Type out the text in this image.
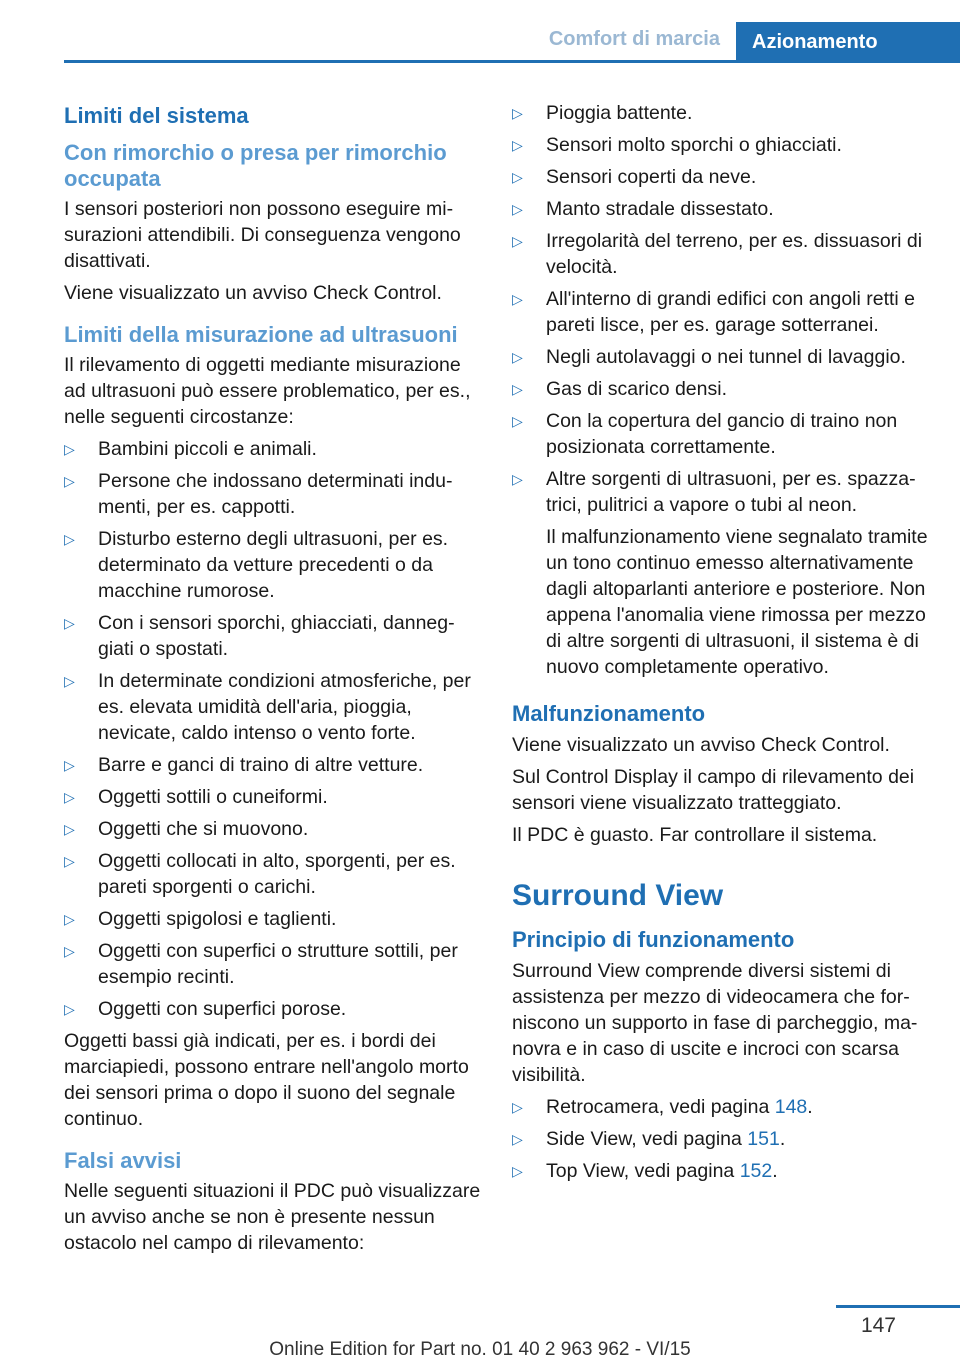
Comfort di marcia	Azionamento
Limiti del sistema
Con rimorchio o presa per rimorchio occupata

I sensori posteriori non possono eseguire misurazioni attendibili. Di conseguenza vengono disattivati.

Viene visualizzato un avviso Check Control.

Limiti della misurazione ad ultrasuoni

Il rilevamento di oggetti mediante misurazione ad ultrasuoni può essere problematico, per es., nelle seguenti circostanze:

▷ Bambini piccoli e animali.
▷ Persone che indossano determinati indumenti, per es. cappotti.
▷ Disturbo esterno degli ultrasuoni, per es. determinato da vetture precedenti o da macchine rumorose.
▷ Con i sensori sporchi, ghiacciati, danneggiati o spostati.
▷ In determinate condizioni atmosferiche, per es. elevata umidità dell'aria, pioggia, nevicate, caldo intenso o vento forte.
▷ Barre e ganci di traino di altre vetture.
▷ Oggetti sottili o cuneiformi.
▷ Oggetti che si muovono.
▷ Oggetti collocati in alto, sporgenti, per es. pareti sporgenti o carichi.
▷ Oggetti spigolosi e taglienti.
▷ Oggetti con superfici o strutture sottili, per esempio recinti.
▷ Oggetti con superfici porose.

Oggetti bassi già indicati, per es. i bordi dei marciapiedi, possono entrare nell'angolo morto dei sensori prima o dopo il suono del segnale continuo.

Falsi avvisi

Nelle seguenti situazioni il PDC può visualizzare un avviso anche se non è presente nessun ostacolo nel campo di rilevamento:

▷ Pioggia battente.
▷ Sensori molto sporchi o ghiacciati.
▷ Sensori coperti da neve.
▷ Manto stradale dissestato.
▷ Irregolarità del terreno, per es. dissuasori di velocità.
▷ All'interno di grandi edifici con angoli retti e pareti lisce, per es. garage sotterranei.
▷ Negli autolavaggi o nei tunnel di lavaggio.
▷ Gas di scarico densi.
▷ Con la copertura del gancio di traino non posizionata correttamente.
▷ Altre sorgenti di ultrasuoni, per es. spazzatrici, pulitrici a vapore o tubi al neon.
Il malfunzionamento viene segnalato tramite un tono continuo emesso alternativamente dagli altoparlanti anteriore e posteriore. Non appena l'anomalia viene rimossa per mezzo di altre sorgenti di ultrasuoni, il sistema è di nuovo completamente operativo.
Malfunzionamento

Viene visualizzato un avviso Check Control.

Sul Control Display il campo di rilevamento dei sensori viene visualizzato tratteggiato.

Il PDC è guasto. Far controllare il sistema.

Surround View
Principio di funzionamento

Surround View comprende diversi sistemi di assistenza per mezzo di videocamera che forniscono un supporto in fase di parcheggio, manovra e in caso di uscite e incroci con scarsa visibilità.

▷ Retrocamera, vedi pagina 148.
▷ Side View, vedi pagina 151.
▷ Top View, vedi pagina 152.
147
Online Edition for Part no. 01 40 2 963 962 - VI/15
